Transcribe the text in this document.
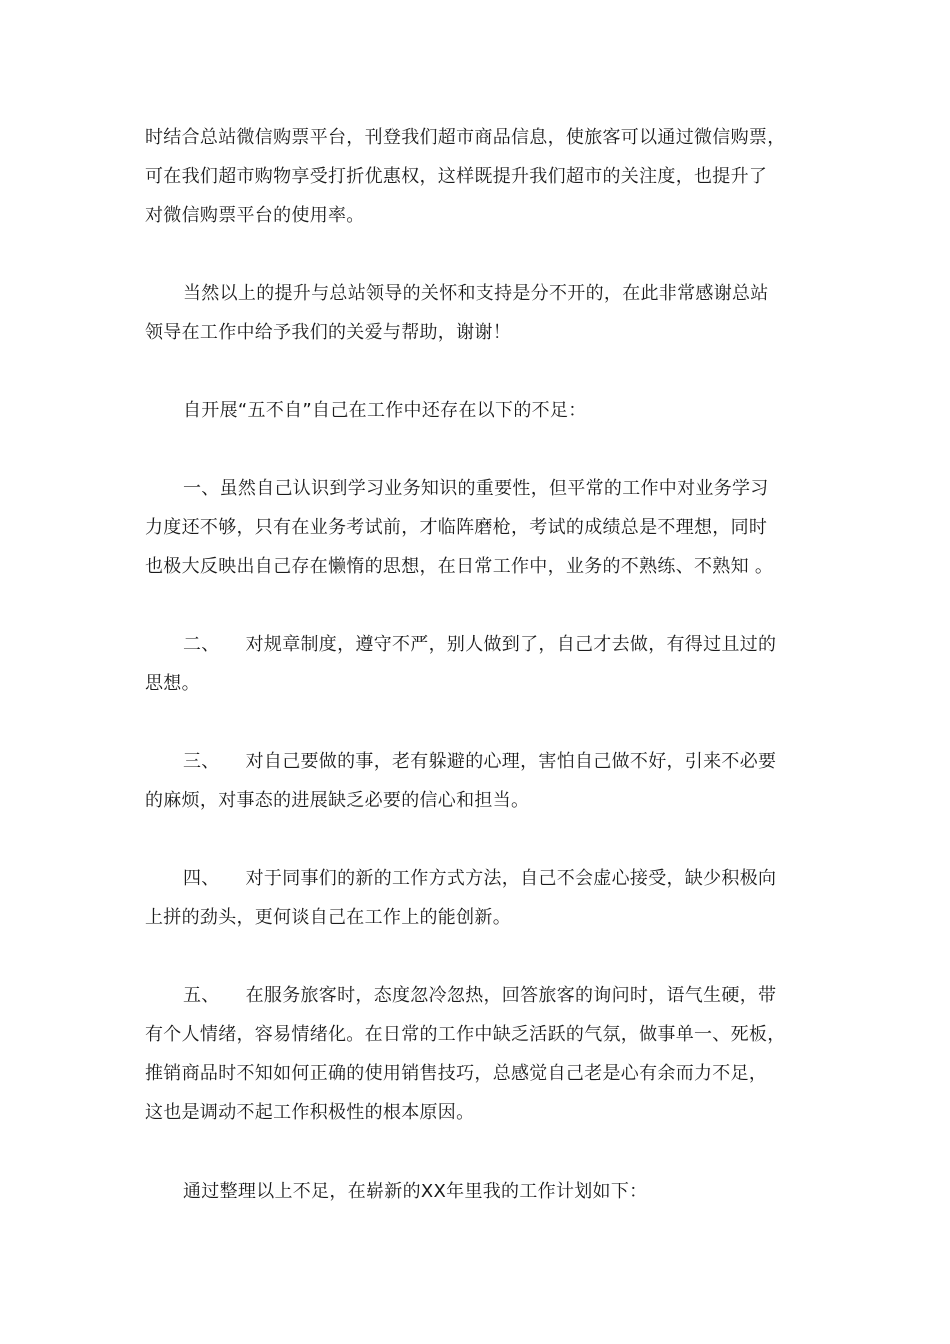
时结合总站微信购票平台，刊登我们超市商品信息，使旅客可以通过微信购票，
可在我们超市购物享受打折优惠权，这样既提升我们超市的关注度，也提升了
对微信购票平台的使用率。

当然以上的提升与总站领导的关怀和支持是分不开的，在此非常感谢总站
领导在工作中给予我们的关爱与帮助，谢谢！

自开展“五不自”自己在工作中还存在以下的不足：

一、虽然自己认识到学习业务知识的重要性，但平常的工作中对业务学习
力度还不够，只有在业务考试前，才临阵磨枪，考试的成绩总是不理想，同时
也极大反映出自己存在懒惰的思想，在日常工作中，业务的不熟练、不熟知 。

二、 对规章制度，遵守不严，别人做到了，自己才去做，有得过且过的
思想。

三、 对自己要做的事，老有躲避的心理，害怕自己做不好，引来不必要
的麻烦，对事态的进展缺乏必要的信心和担当。

四、 对于同事们的新的工作方式方法，自己不会虚心接受，缺少积极向
上拼的劲头，更何谈自己在工作上的能创新。

五、 在服务旅客时，态度忽冷忽热，回答旅客的询问时，语气生硬，带
有个人情绪，容易情绪化。在日常的工作中缺乏活跃的气氛，做事单一、死板，
推销商品时不知如何正确的使用销售技巧，总感觉自己老是心有余而力不足，
这也是调动不起工作积极性的根本原因。

通过整理以上不足，在崭新的XX年里我的工作计划如下：
